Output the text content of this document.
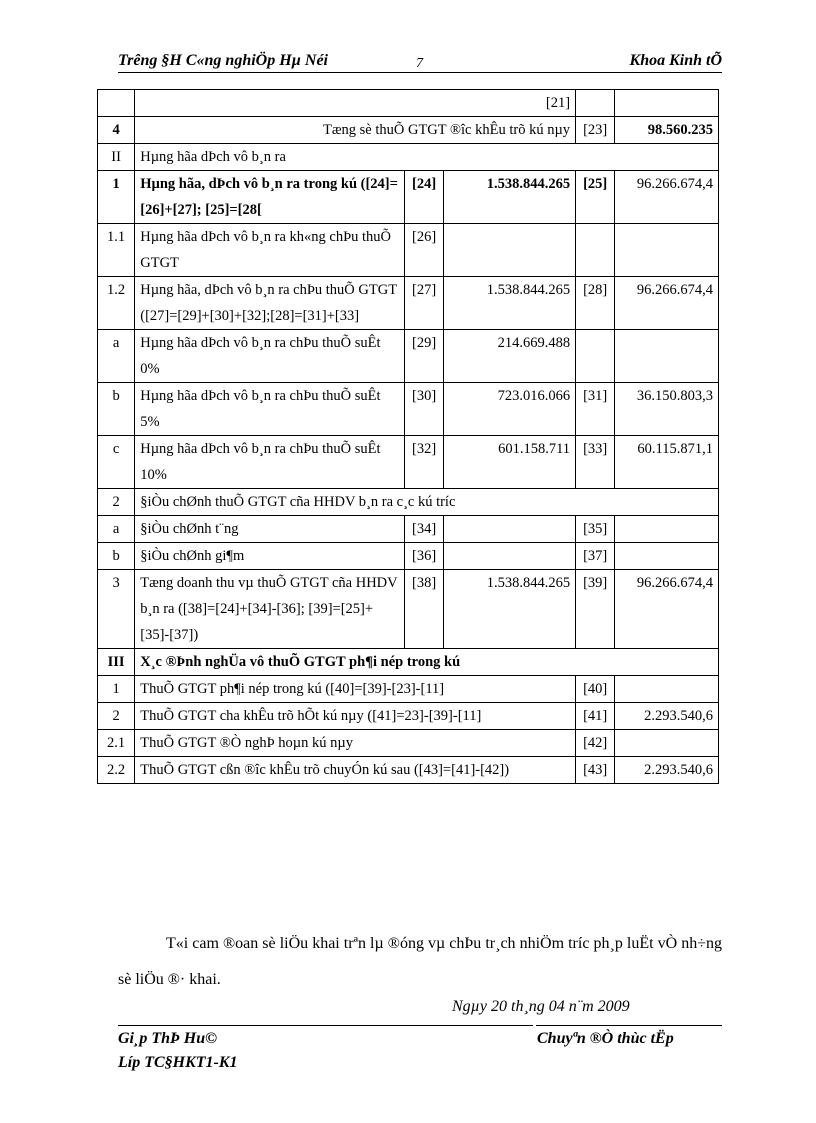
Trêng §H C«ng nghiÖp Hµ Néi	7	Khoa Kinh tÕ
	[21]				
4	Tæng sè thuÕ GTGT ®îc khÊu trõ kú nµy			[23]	98.560.235
II	Hµng hãa dÞch vô b¸n ra				
1	Hµng hãa, dÞch vô b¸n ra trong kú ([24]=[26]+[27]; [25]=[28[	[24]	1.538.844.265	[25]	96.266.674,4
1.1	Hµng hãa dÞch vô b¸n ra kh«ng chÞu thuÕ GTGT	[26]			
1.2	Hµng hãa, dÞch vô b¸n ra chÞu thuÕ GTGT ([27]=[29]+[30]+[32];[28]=[31]+[33]	[27]	1.538.844.265	[28]	96.266.674,4
a	Hµng hãa dÞch vô b¸n ra chÞu thuÕ suÊt 0%	[29]	214.669.488		
b	Hµng hãa dÞch vô b¸n ra chÞu thuÕ suÊt 5%	[30]	723.016.066	[31]	36.150.803,3
c	Hµng hãa dÞch vô b¸n ra chÞu thuÕ suÊt 10%	[32]	601.158.711	[33]	60.115.871,1
2	§iÒu chØnh thuÕ GTGT cña HHDV b¸n ra c¸c kú tríc				
a	§iÒu chØnh t¨ng	[34]		[35]	
b	§iÒu chØnh gi¶m	[36]		[37]	
3	Tæng doanh thu vµ thuÕ GTGT cña HHDV b¸n ra ([38]=[24]+[34]-[36]; [39]=[25]+[35]-[37])	[38]	1.538.844.265	[39]	96.266.674,4
III	X¸c ®Þnh nghÜa vô thuÕ GTGT ph¶i nép trong kú				
1	ThuÕ GTGT ph¶i nép trong kú ([40]=[39]-[23]-[11]			[40]	
2	ThuÕ GTGT cha khÊu trõ hÕt kú nµy ([41]=23]-[39]-[11]			[41]	2.293.540,6
2.1	ThuÕ GTGT ®Ò nghÞ hoµn kú nµy			[42]	
2.2	ThuÕ GTGT cßn ®îc khÊu trõ chuyÓn kú sau ([43]=[41]-[42])			[43]	2.293.540,6
T«i cam ®oan sè liÖu khai trªn lµ ®óng vµ chÞu tr¸ch nhiÖm tríc ph¸p luËt vÒ nh÷ng sè liÖu ®· khai.
Ngµy 20 th¸ng 04 n¨m 2009
Gi¸p ThÞ Hu©
Líp TC§HKT1-K1
Chuyªn ®Ò thùc tËp
